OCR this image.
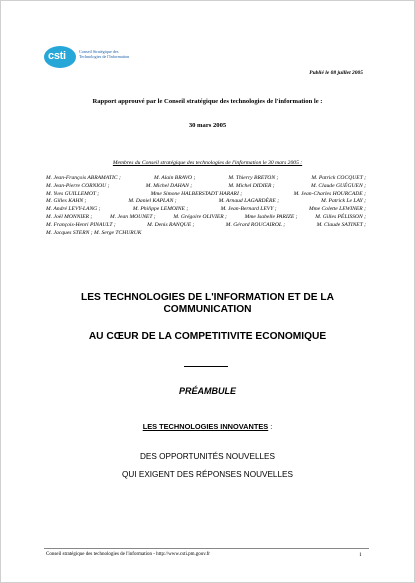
csti	Conseil Stratégique des
Technologies de l'Information
Publié le 08 juillet 2005
Rapport approuvé par le Conseil stratégique des technologies de l'information le :
30 mars 2005
Membres du Conseil stratégique des technologies de l'information le 30 mars 2005 :
M. Jean-François ABRAMATIC ;	M. Alain BRAVO ;	M. Thierry BRETON ;	M. Patrick COCQUET ;
M. Jean-Pierre CORNIOU ;	M. Michel DAHAN ;	M. Michel DIDIER ;	M. Claude GUÉGUEN ;
M. Yves GUILLEMOT ;	Mme Simone HALBERSTADT HARARI ;	M. Jean-Charles HOURCADE ;
M. Gilles KAHN ;	M. Daniel KAPLAN ;	M. Arnaud LAGARDÈRE ;	M. Patrick Le LAY ;
M. André LEVY-LANG ;	M. Philippe LEMOINE ;	M. Jean-Bernard LEVY ;	Mme Colette LEWINER ;
M. Joël MONNIER ;	M. Jean MOUNET ;	M. Grégoire OLIVIER ;	Mme Isabelle PARIZE ;	M. Gilles PÉLISSON ;
M. François-Henri PINAULT ;	M. Denis RANQUE ;	M. Gérard ROUCAIROL ;	M. Claude SATINET ;
M. Jacques STERN ; M. Serge TCHURUK
LES TECHNOLOGIES DE L'INFORMATION ET DE LA
COMMUNICATION
AU CŒUR DE LA COMPETITIVITE ECONOMIQUE
PRÉAMBULE
LES TECHNOLOGIES INNOVANTES :
DES OPPORTUNITÉS NOUVELLES
QUI EXIGENT DES RÉPONSES NOUVELLES
Conseil stratégique des technologies de l'information - http://www.csti.pm.gouv.fr	1
